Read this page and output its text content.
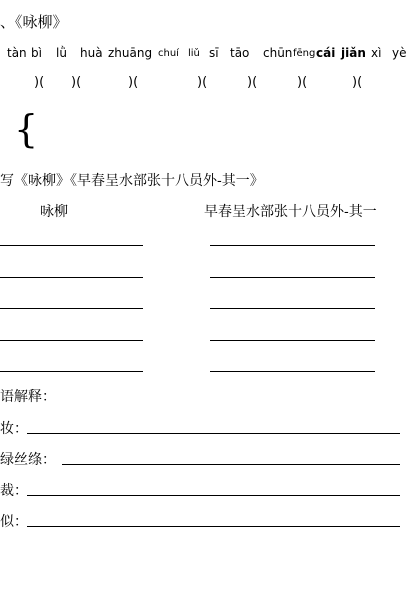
、《咏柳》
tàn bì lǜ huà zhuāng chuí liǔ sī tāo chūn fēng cái jiǎn xì yè
)( )(	)(	)(	)(	)(	)(
{
写《咏柳》《早春呈水部张十八员外-其一》
咏柳	早春呈水部张十八员外-其一
语解释：
妆：
绿丝绦：
裁：
似：
